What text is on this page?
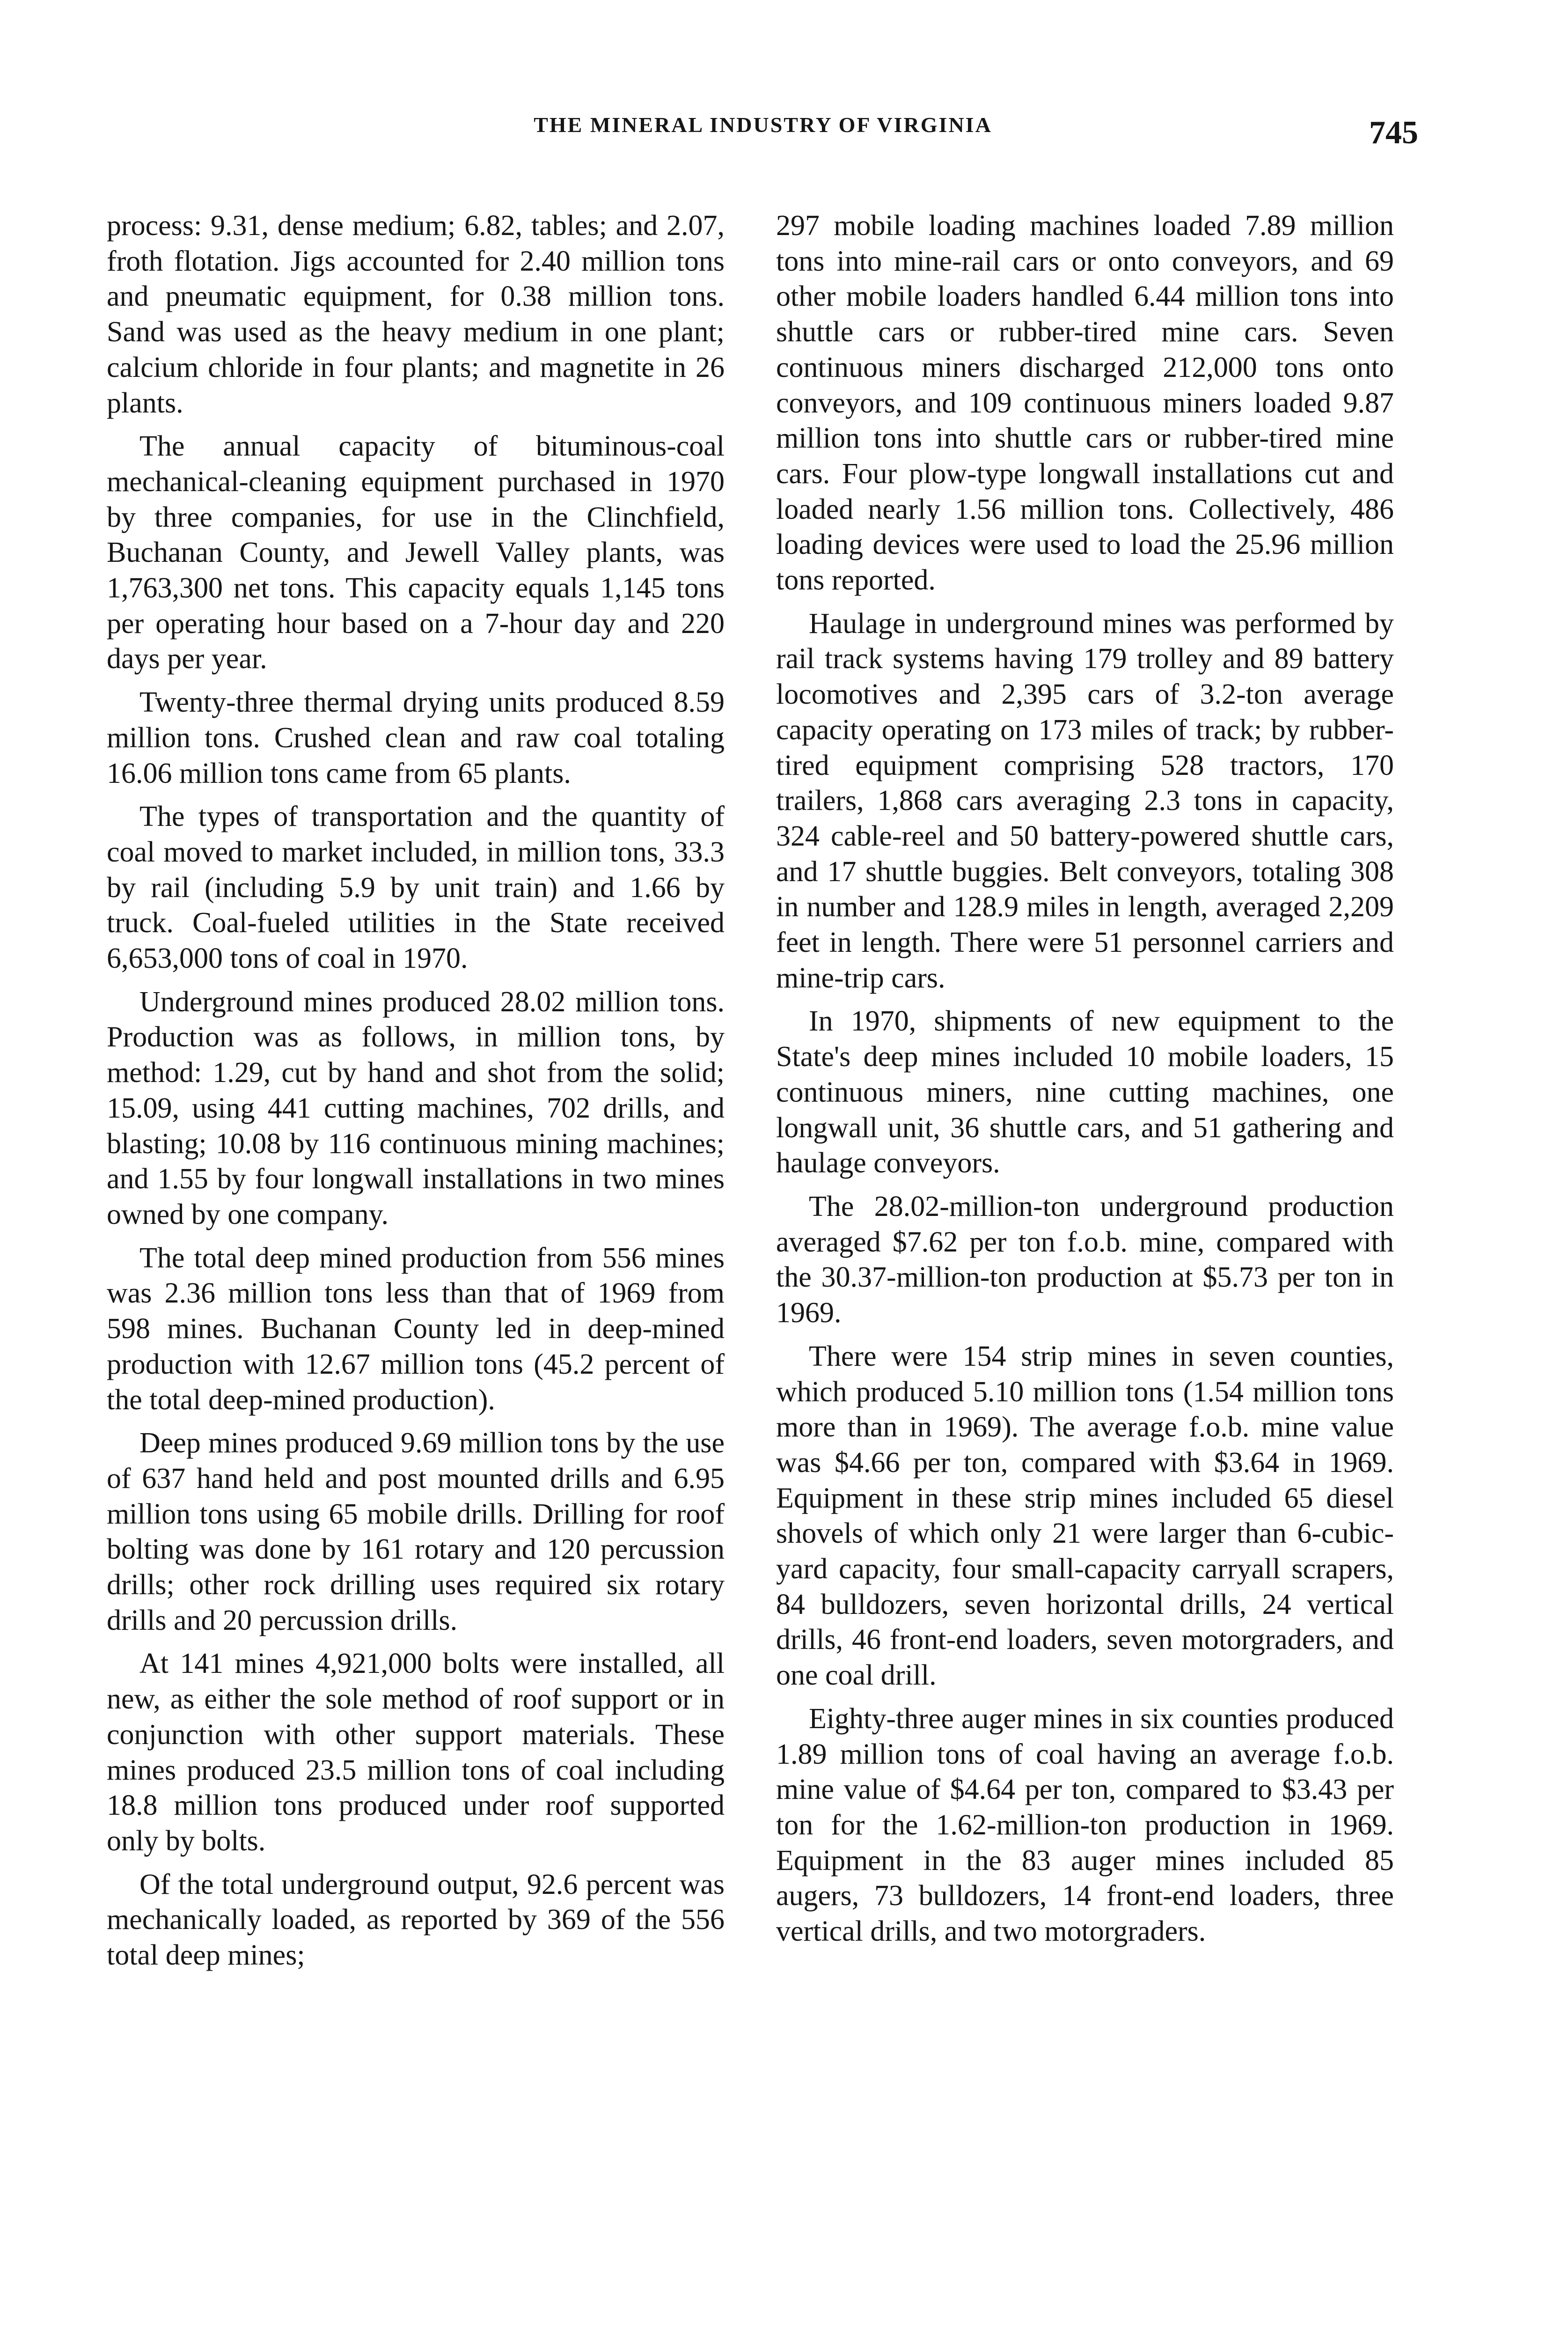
THE MINERAL INDUSTRY OF VIRGINIA	745

process: 9.31, dense medium; 6.82, tables; and 2.07, froth flotation. Jigs accounted for 2.40 million tons and pneumatic equipment, for 0.38 million tons. Sand was used as the heavy medium in one plant; calcium chloride in four plants; and magnetite in 26 plants.

The annual capacity of bituminous-coal mechanical-cleaning equipment purchased in 1970 by three companies, for use in the Clinchfield, Buchanan County, and Jewell Valley plants, was 1,763,300 net tons. This capacity equals 1,145 tons per operating hour based on a 7-hour day and 220 days per year.

Twenty-three thermal drying units produced 8.59 million tons. Crushed clean and raw coal totaling 16.06 million tons came from 65 plants.

The types of transportation and the quantity of coal moved to market included, in million tons, 33.3 by rail (including 5.9 by unit train) and 1.66 by truck. Coal-fueled utilities in the State received 6,653,000 tons of coal in 1970.

Underground mines produced 28.02 million tons. Production was as follows, in million tons, by method: 1.29, cut by hand and shot from the solid; 15.09, using 441 cutting machines, 702 drills, and blasting; 10.08 by 116 continuous mining machines; and 1.55 by four longwall installations in two mines owned by one company.

The total deep mined production from 556 mines was 2.36 million tons less than that of 1969 from 598 mines. Buchanan County led in deep-mined production with 12.67 million tons (45.2 percent of the total deep-mined production).

Deep mines produced 9.69 million tons by the use of 637 hand held and post mounted drills and 6.95 million tons using 65 mobile drills. Drilling for roof bolting was done by 161 rotary and 120 percussion drills; other rock drilling uses required six rotary drills and 20 percussion drills.

At 141 mines 4,921,000 bolts were installed, all new, as either the sole method of roof support or in conjunction with other support materials. These mines produced 23.5 million tons of coal including 18.8 million tons produced under roof supported only by bolts.

Of the total underground output, 92.6 percent was mechanically loaded, as reported by 369 of the 556 total deep mines;

297 mobile loading machines loaded 7.89 million tons into mine-rail cars or onto conveyors, and 69 other mobile loaders handled 6.44 million tons into shuttle cars or rubber-tired mine cars. Seven continuous miners discharged 212,000 tons onto conveyors, and 109 continuous miners loaded 9.87 million tons into shuttle cars or rubber-tired mine cars. Four plow-type longwall installations cut and loaded nearly 1.56 million tons. Collectively, 486 loading devices were used to load the 25.96 million tons reported.

Haulage in underground mines was performed by rail track systems having 179 trolley and 89 battery locomotives and 2,395 cars of 3.2-ton average capacity operating on 173 miles of track; by rubber-tired equipment comprising 528 tractors, 170 trailers, 1,868 cars averaging 2.3 tons in capacity, 324 cable-reel and 50 battery-powered shuttle cars, and 17 shuttle buggies. Belt conveyors, totaling 308 in number and 128.9 miles in length, averaged 2,209 feet in length. There were 51 personnel carriers and mine-trip cars.

In 1970, shipments of new equipment to the State's deep mines included 10 mobile loaders, 15 continuous miners, nine cutting machines, one longwall unit, 36 shuttle cars, and 51 gathering and haulage conveyors.

The 28.02-million-ton underground production averaged $7.62 per ton f.o.b. mine, compared with the 30.37-million-ton production at $5.73 per ton in 1969.

There were 154 strip mines in seven counties, which produced 5.10 million tons (1.54 million tons more than in 1969). The average f.o.b. mine value was $4.66 per ton, compared with $3.64 in 1969. Equipment in these strip mines included 65 diesel shovels of which only 21 were larger than 6-cubic-yard capacity, four small-capacity carryall scrapers, 84 bulldozers, seven horizontal drills, 24 vertical drills, 46 front-end loaders, seven motorgraders, and one coal drill.

Eighty-three auger mines in six counties produced 1.89 million tons of coal having an average f.o.b. mine value of $4.64 per ton, compared to $3.43 per ton for the 1.62-million-ton production in 1969. Equipment in the 83 auger mines included 85 augers, 73 bulldozers, 14 front-end loaders, three vertical drills, and two motorgraders.
